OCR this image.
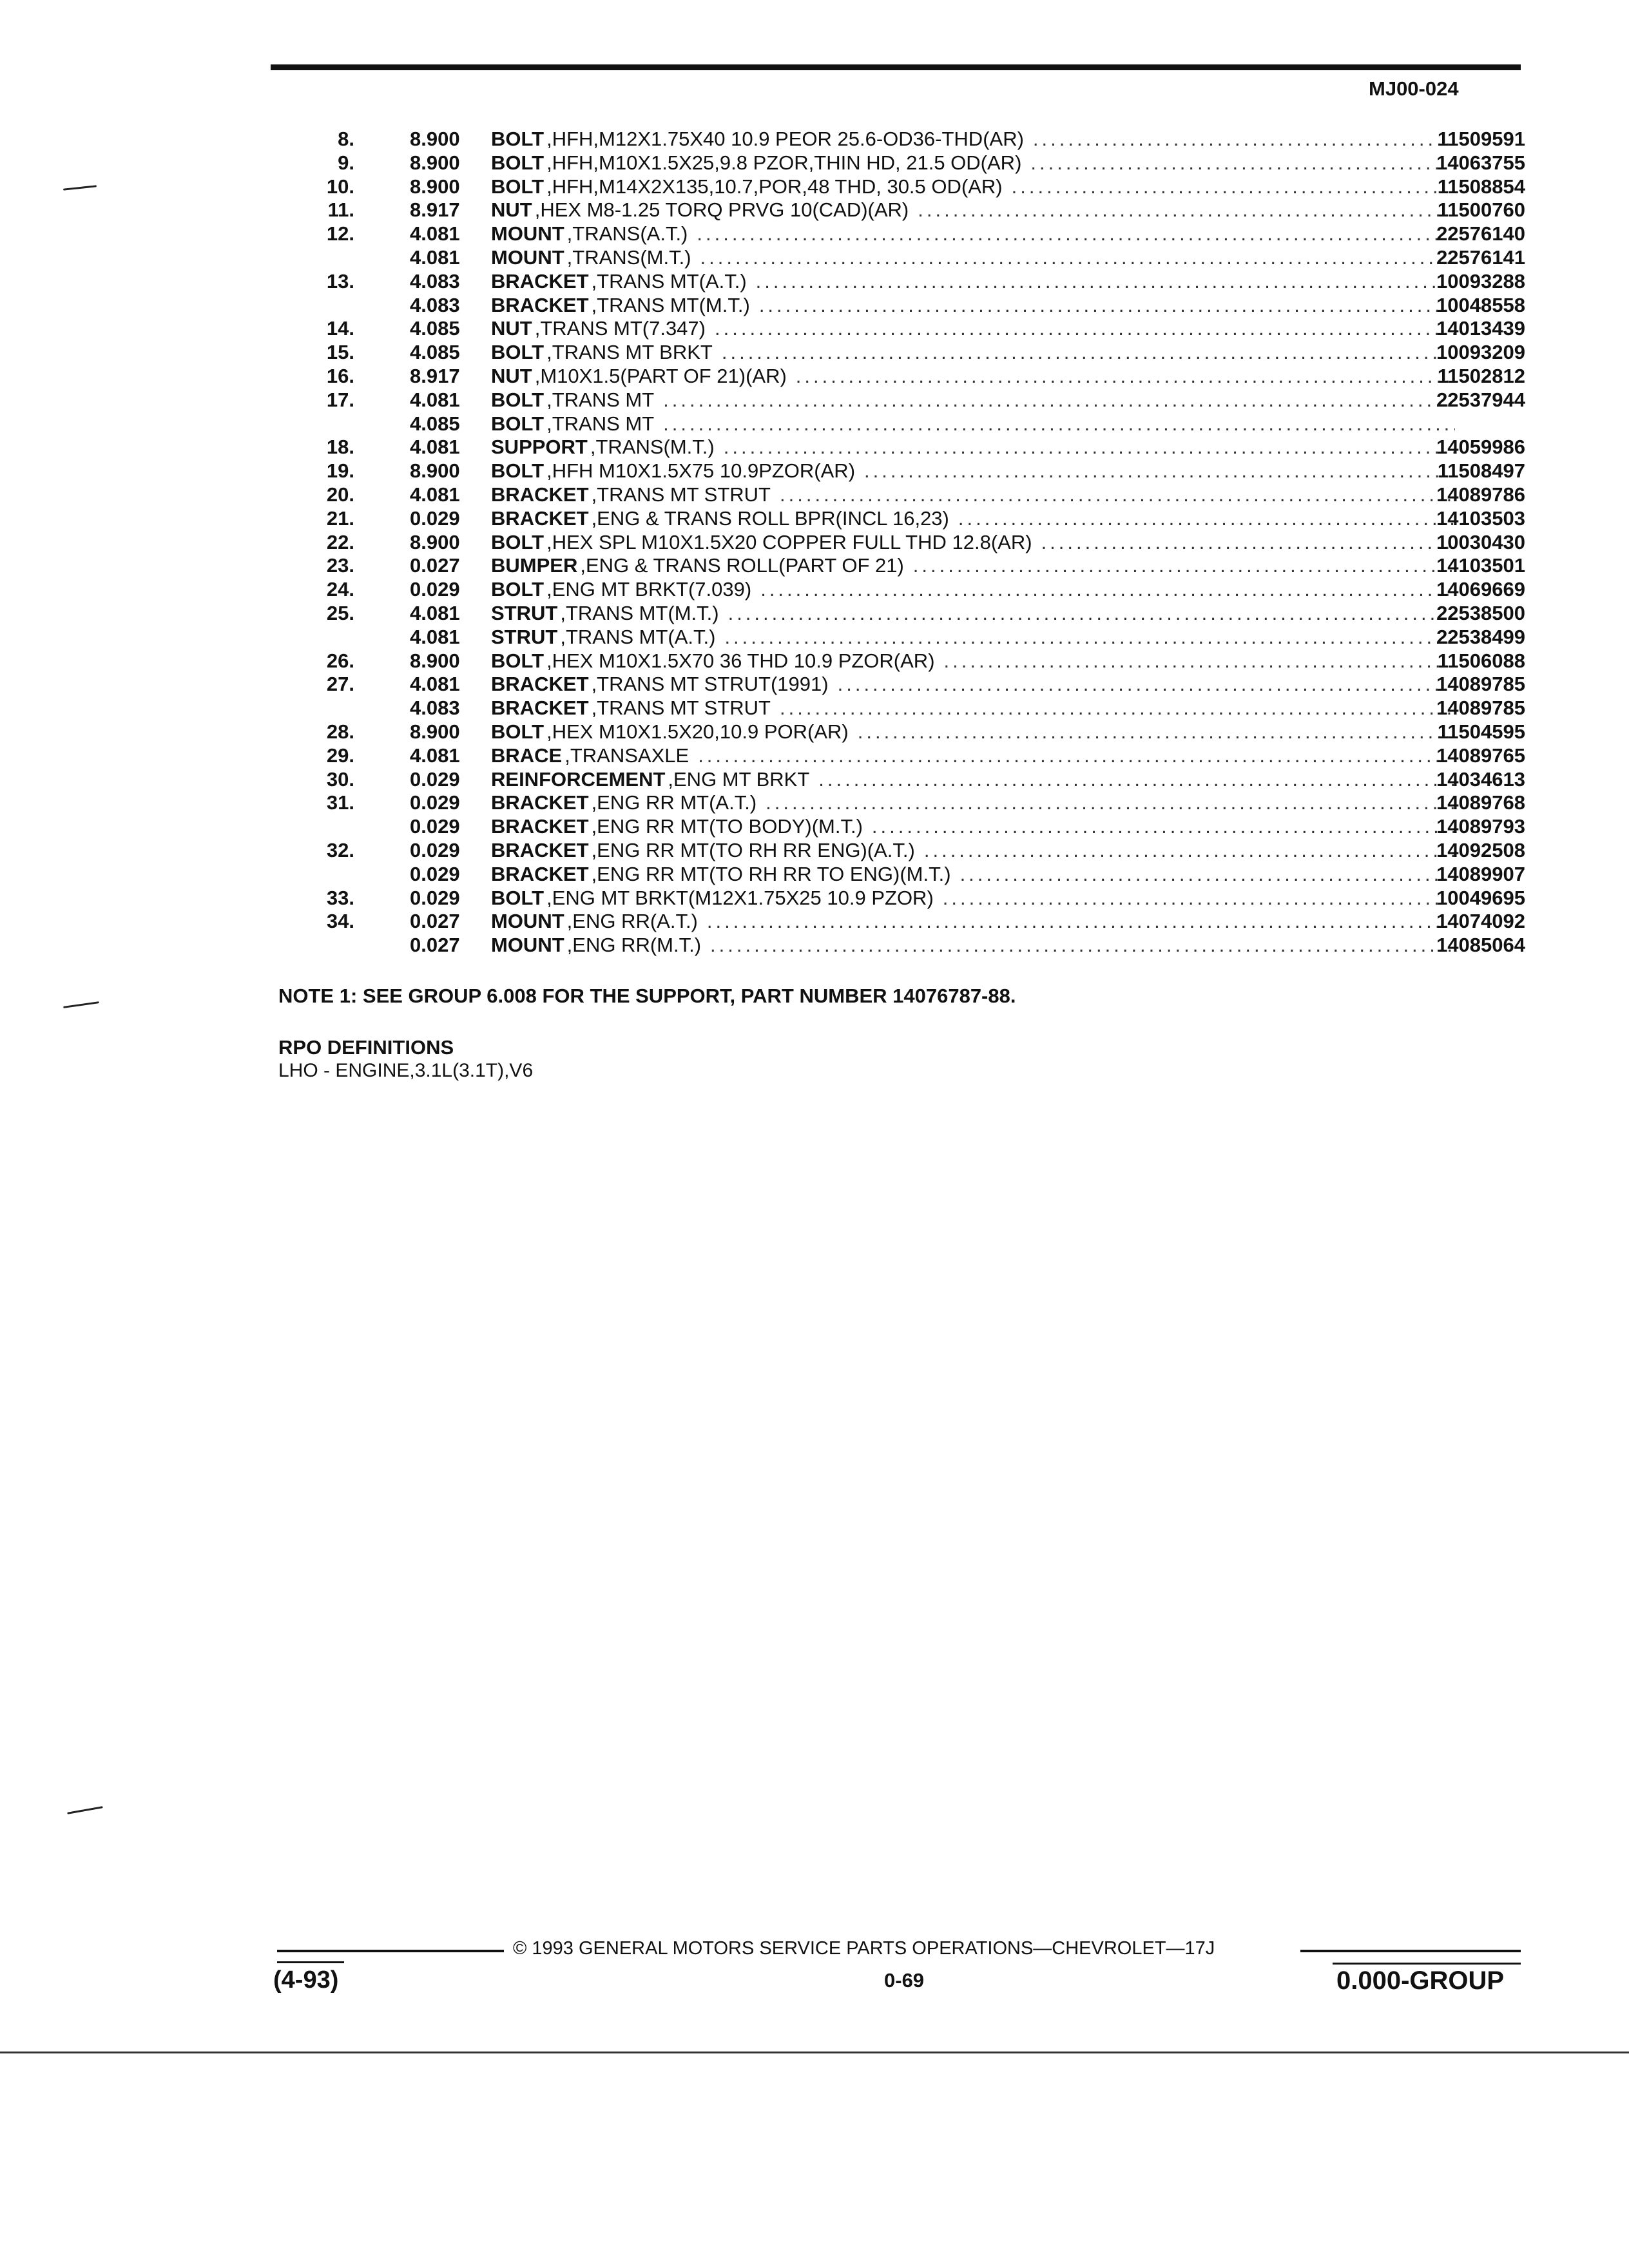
MJ00-024
8.	8.900	BOLT ,HFH,M12X1.75X40 10.9 PEOR 25.6-OD36-THD(AR) .....	11509591
9.	8.900	BOLT ,HFH,M10X1.5X25,9.8 PZOR,THIN HD, 21.5 OD(AR) .....	14063755
10.	8.900	BOLT ,HFH,M14X2X135,10.7,POR,48 THD, 30.5 OD(AR) .....	11508854
11.	8.917	NUT ,HEX M8-1.25 TORQ PRVG 10(CAD)(AR) .....	11500760
12.	4.081	MOUNT ,TRANS(A.T.) .....	22576140
4.081	MOUNT ,TRANS(M.T.) .....	22576141
13.	4.083	BRACKET ,TRANS MT(A.T.) .....	10093288
4.083	BRACKET ,TRANS MT(M.T.) .....	10048558
14.	4.085	NUT ,TRANS MT(7.347) .....	14013439
15.	4.085	BOLT ,TRANS MT BRKT .....	10093209
16.	8.917	NUT ,M10X1.5(PART OF 21)(AR) .....	11502812
17.	4.081	BOLT ,TRANS MT .....	22537944
4.085	BOLT ,TRANS MT
.....
18.	4.081	SUPPORT ,TRANS(M.T.) .....	14059986
19.	8.900	BOLT ,HFH M10X1.5X75 10.9PZOR(AR) .....	11508497
20.	4.081	BRACKET ,TRANS MT STRUT .....	14089786
21.	0.029	BRACKET ,ENG & TRANS ROLL BPR(INCL 16,23) .....	14103503
22.	8.900	BOLT ,HEX SPL M10X1.5X20 COPPER FULL THD 12.8(AR) .....	10030430
23.	0.027	BUMPER ,ENG & TRANS ROLL(PART OF 21) .....	14103501
24.	0.029	BOLT ,ENG MT BRKT(7.039) .....	14069669
25.	4.081	STRUT ,TRANS MT(M.T.) .....	22538500
4.081	STRUT ,TRANS MT(A.T.) .....	22538499
26.	8.900	BOLT ,HEX M10X1.5X70 36 THD 10.9 PZOR(AR) .....	11506088
27.	4.081	BRACKET ,TRANS MT STRUT(1991) .....	14089785
4.083	BRACKET ,TRANS MT STRUT .....	14089785
28.	8.900	BOLT ,HEX M10X1.5X20,10.9 POR(AR) .....	11504595
29.	4.081	BRACE ,TRANSAXLE .....	14089765
30.	0.029	REINFORCEMENT ,ENG MT BRKT .....	14034613
31.	0.029	BRACKET ,ENG RR MT(A.T.) .....	14089768
0.029	BRACKET ,ENG RR MT(TO BODY)(M.T.) .....	14089793
32.	0.029	BRACKET ,ENG RR MT(TO RH RR ENG)(A.T.) .....	14092508
0.029	BRACKET ,ENG RR MT(TO RH RR TO ENG)(M.T.) .....	14089907
33.	0.029	BOLT ,ENG MT BRKT(M12X1.75X25 10.9 PZOR) .....	10049695
34.	0.027	MOUNT ,ENG RR(A.T.) .....	14074092
0.027	MOUNT ,ENG RR(M.T.) .....	14085064
NOTE 1: SEE GROUP 6.008 FOR THE SUPPORT, PART NUMBER 14076787-88.
RPO DEFINITIONS
LHO - ENGINE,3.1L(3.1T),V6
© 1993 GENERAL MOTORS SERVICE PARTS OPERATIONS—CHEVROLET—17J
(4-93)	0-69	0.000-GROUP
